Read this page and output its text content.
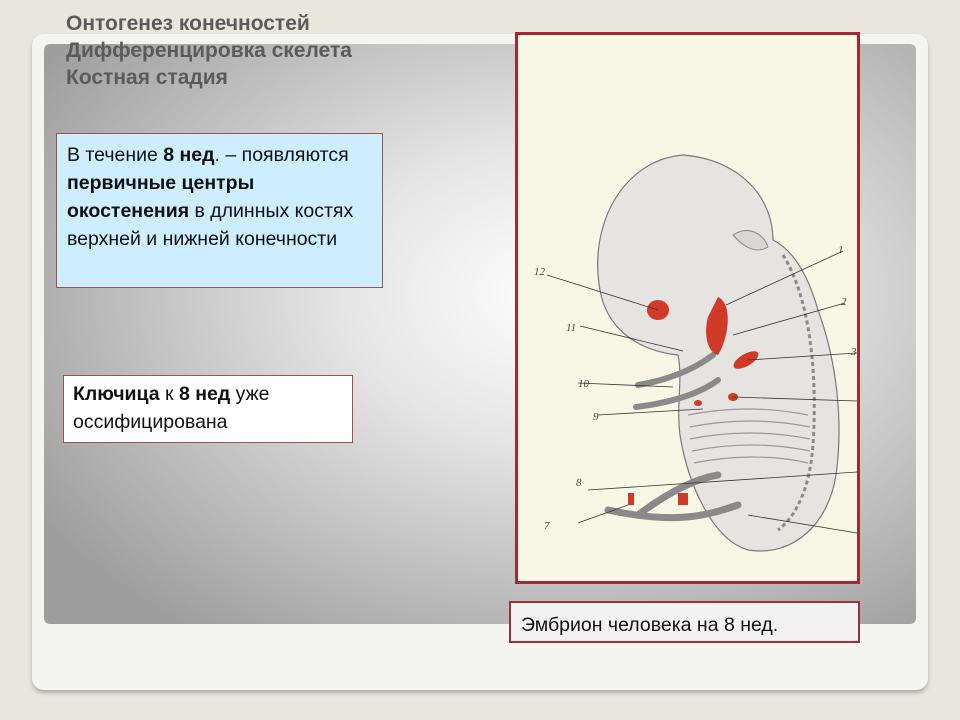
Онтогенез конечностей
Дифференцировка скелета
Костная стадия
В течение 8 нед. – появляются первичные центры окостенения в длинных костях верхней и нижней конечности
Ключица к 8 нед уже оссифицирована
1
2
3
7
8
9
10
11
12
Эмбрион человека на 8 нед.
